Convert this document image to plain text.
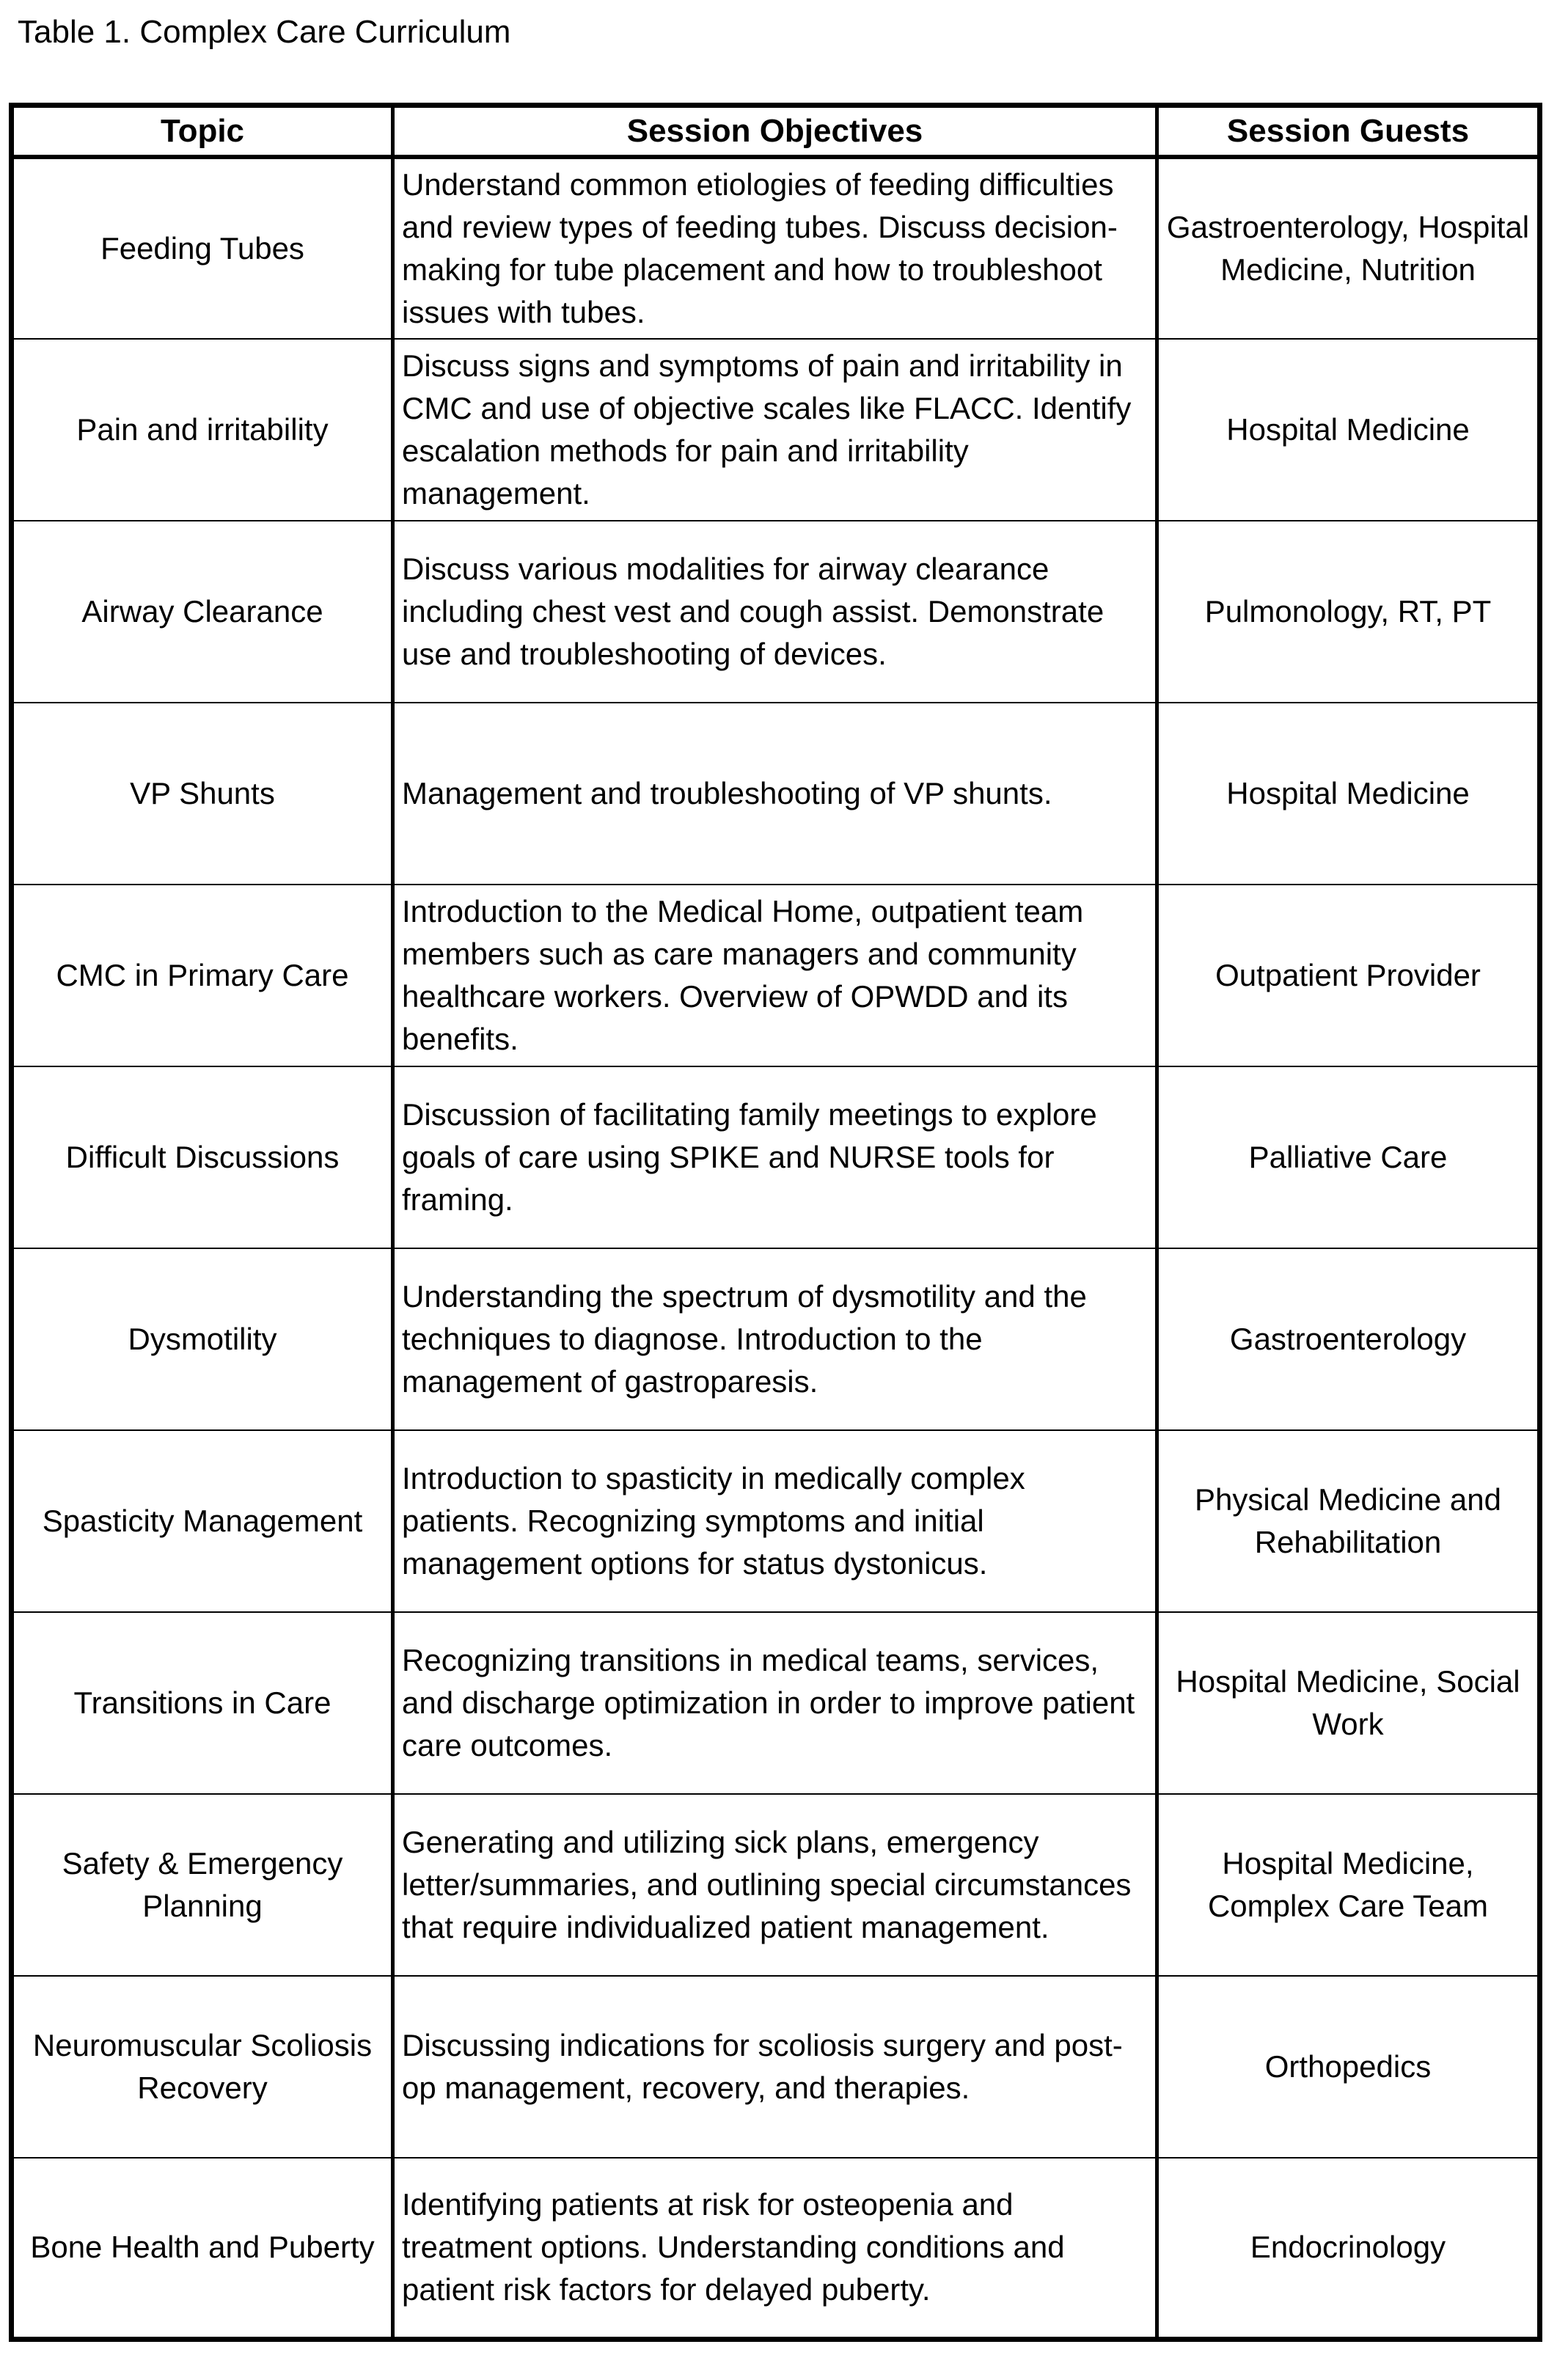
Table 1. Complex Care Curriculum
Topic	Session Objectives	Session Guests
Feeding Tubes	Understand common etiologies of feeding difficulties and review types of feeding tubes. Discuss decision-making for tube placement and how to troubleshoot issues with tubes.	Gastroenterology, Hospital Medicine, Nutrition
Pain and irritability	Discuss signs and symptoms of pain and irritability in CMC and use of objective scales like FLACC. Identify escalation methods for pain and irritability management.	Hospital Medicine
Airway Clearance	Discuss various modalities for airway clearance including chest vest and cough assist. Demonstrate use and troubleshooting of devices.	Pulmonology, RT, PT
VP Shunts	Management and troubleshooting of VP shunts.	Hospital Medicine
CMC in Primary Care	Introduction to the Medical Home, outpatient team members such as care managers and community healthcare workers. Overview of OPWDD and its benefits.	Outpatient Provider
Difficult Discussions	Discussion of facilitating family meetings to explore goals of care using SPIKE and NURSE tools for framing.	Palliative Care
Dysmotility	Understanding the spectrum of dysmotility and the techniques to diagnose. Introduction to the management of gastroparesis.	Gastroenterology
Spasticity Management	Introduction to spasticity in medically complex patients. Recognizing symptoms and initial management options for status dystonicus.	Physical Medicine and Rehabilitation
Transitions in Care	Recognizing transitions in medical teams, services, and discharge optimization in order to improve patient care outcomes.	Hospital Medicine, Social Work
Safety & Emergency Planning	Generating and utilizing sick plans, emergency letter/summaries, and outlining special circumstances that require individualized patient management.	Hospital Medicine, Complex Care Team
Neuromuscular Scoliosis Recovery	Discussing indications for scoliosis surgery and post-op management, recovery, and therapies.	Orthopedics
Bone Health and Puberty	Identifying patients at risk for osteopenia and treatment options. Understanding conditions and patient risk factors for delayed puberty.	Endocrinology
